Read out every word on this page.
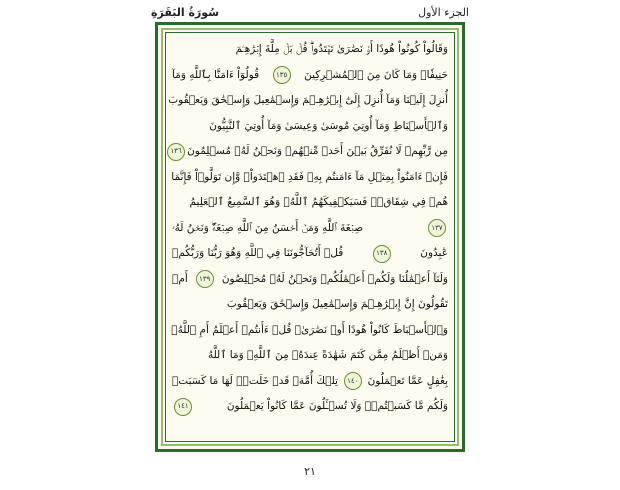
سُورَةُ البَقَرَةِ	الجزء الأول
وَقَالُواْ كُونُواْ هُودًا أَوۡ نَصَٰرَىٰ تَهۡتَدُواْۗ قُلۡ بَلۡ مِلَّةَ إِبۡرَٰهِـۧمَ
حَنِيفٗاۖ وَمَا كَانَ مِنَ ٱلۡمُشۡرِكِينَ
١٣٥
قُولُوٓاْ ءَامَنَّا بِٱللَّهِ وَمَآ
أُنزِلَ إِلَيۡنَا وَمَآ أُنزِلَ إِلَىٰٓ إِبۡرَٰهِـۧمَ وَإِسۡمَٰعِيلَ وَإِسۡحَٰقَ وَيَعۡقُوبَ
وَٱلۡأَسۡبَاطِ وَمَآ أُوتِيَ مُوسَىٰ وَعِيسَىٰ وَمَآ أُوتِيَ ٱلنَّبِيُّونَ
مِن رَّبِّهِمۡ لَا نُفَرِّقُ بَيۡنَ أَحَدٖ مِّنۡهُمۡ وَنَحۡنُ لَهُۥ مُسۡلِمُونَ
١٣٦
فَإِنۡ ءَامَنُواْ بِمِثۡلِ مَآ ءَامَنتُم بِهِۦ فَقَدِ ٱهۡتَدَواْۖ وَّإِن تَوَلَّوۡاْ فَإِنَّمَا
هُمۡ فِي شِقَاقٖۖ فَسَيَكۡفِيكَهُمُ ٱللَّهُۚ وَهُوَ ٱلسَّمِيعُ ٱلۡعَلِيمُ
١٣٧
صِبۡغَةَ ٱللَّهِ وَمَنۡ أَحۡسَنُ مِنَ ٱللَّهِ صِبۡغَةٗۖ وَنَحۡنُ لَهُۥ
عَٰبِدُونَ
١٣٨
قُلۡ أَتُحَآجُّونَنَا فِي ٱللَّهِ وَهُوَ رَبُّنَا وَرَبُّكُمۡ
وَلَنَآ أَعۡمَٰلُنَا وَلَكُمۡ أَعۡمَٰلُكُمۡ وَنَحۡنُ لَهُۥ مُخۡلِصُونَ
١٣٩
أَمۡ
تَقُولُونَ إِنَّ إِبۡرَٰهِـۧمَ وَإِسۡمَٰعِيلَ وَإِسۡحَٰقَ وَيَعۡقُوبَ
وَٱلۡأَسۡبَاطَ كَانُواْ هُودًا أَوۡ نَصَٰرَىٰۗ قُلۡ ءَأَنتُمۡ أَعۡلَمُ أَمِ ٱللَّهُۗ
وَمَنۡ أَظۡلَمُ مِمَّن كَتَمَ شَهَٰدَةً عِندَهُۥ مِنَ ٱللَّهِۗ وَمَا ٱللَّهُ
بِغَٰفِلٍ عَمَّا تَعۡمَلُونَ
١٤٠
تِلۡكَ أُمَّةٞ قَدۡ خَلَتۡۖ لَهَا مَا كَسَبَتۡ
وَلَكُم مَّا كَسَبۡتُمۡۖ وَلَا تُسۡـَٔلُونَ عَمَّا كَانُواْ يَعۡمَلُونَ
١٤١
٢١
